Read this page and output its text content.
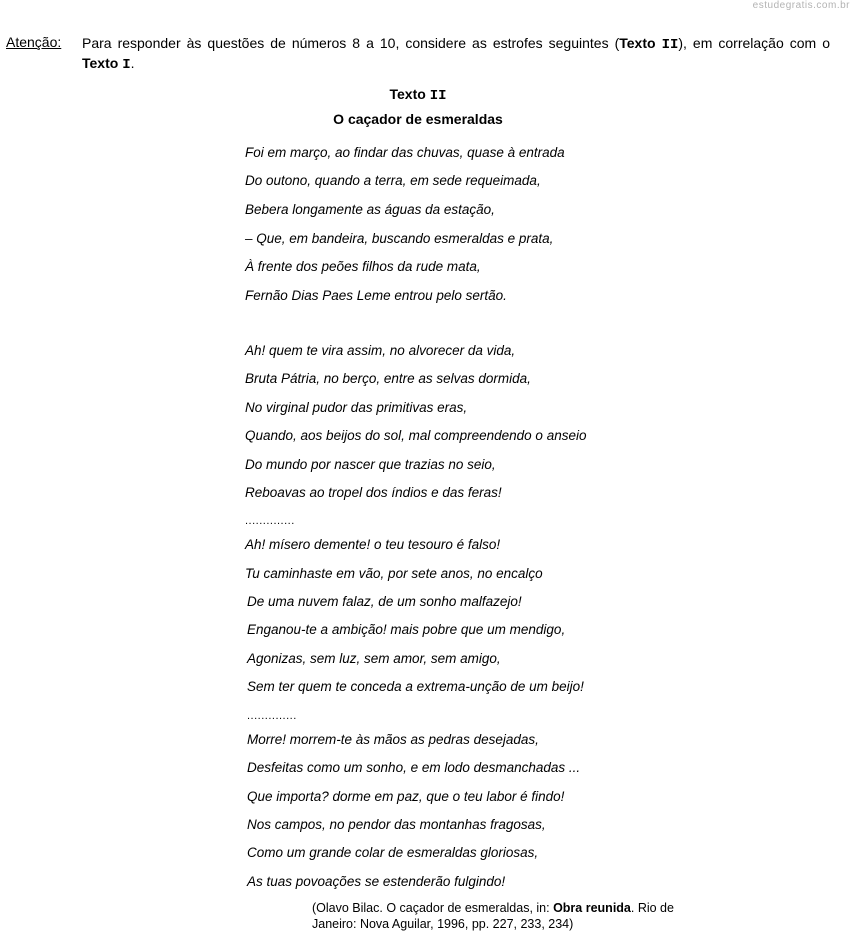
estudegratis.com.br
Atenção: Para responder às questões de números 8 a 10, considere as estrofes seguintes (Texto II), em correlação com o Texto I.
Texto II
O caçador de esmeraldas
Foi em março, ao findar das chuvas, quase à entrada
Do outono, quando a terra, em sede requeimada,
Bebera longamente as águas da estação,
– Que, em bandeira, buscando esmeraldas e prata,
À frente dos peões filhos da rude mata,
Fernão Dias Paes Leme entrou pelo sertão.
Ah! quem te vira assim, no alvorecer da vida,
Bruta Pátria, no berço, entre as selvas dormida,
No virginal pudor das primitivas eras,
Quando, aos beijos do sol, mal compreendendo o anseio
Do mundo por nascer que trazias no seio,
Reboavas ao tropel dos índios e das feras!
..............
Ah! mísero demente! o teu tesouro é falso!
Tu caminhaste em vão, por sete anos, no encalço
De uma nuvem falaz, de um sonho malfazejo!
Enganou-te a ambição! mais pobre que um mendigo,
Agonizas, sem luz, sem amor, sem amigo,
Sem ter quem te conceda a extrema-unção de um beijo!
..............
Morre! morrem-te às mãos as pedras desejadas,
Desfeitas como um sonho, e em lodo desmanchadas ...
Que importa? dorme em paz, que o teu labor é findo!
Nos campos, no pendor das montanhas fragosas,
Como um grande colar de esmeraldas gloriosas,
As tuas povoações se estenderão fulgindo!
(Olavo Bilac. O caçador de esmeraldas, in: Obra reunida. Rio de Janeiro: Nova Aguilar, 1996, pp. 227, 233, 234)
